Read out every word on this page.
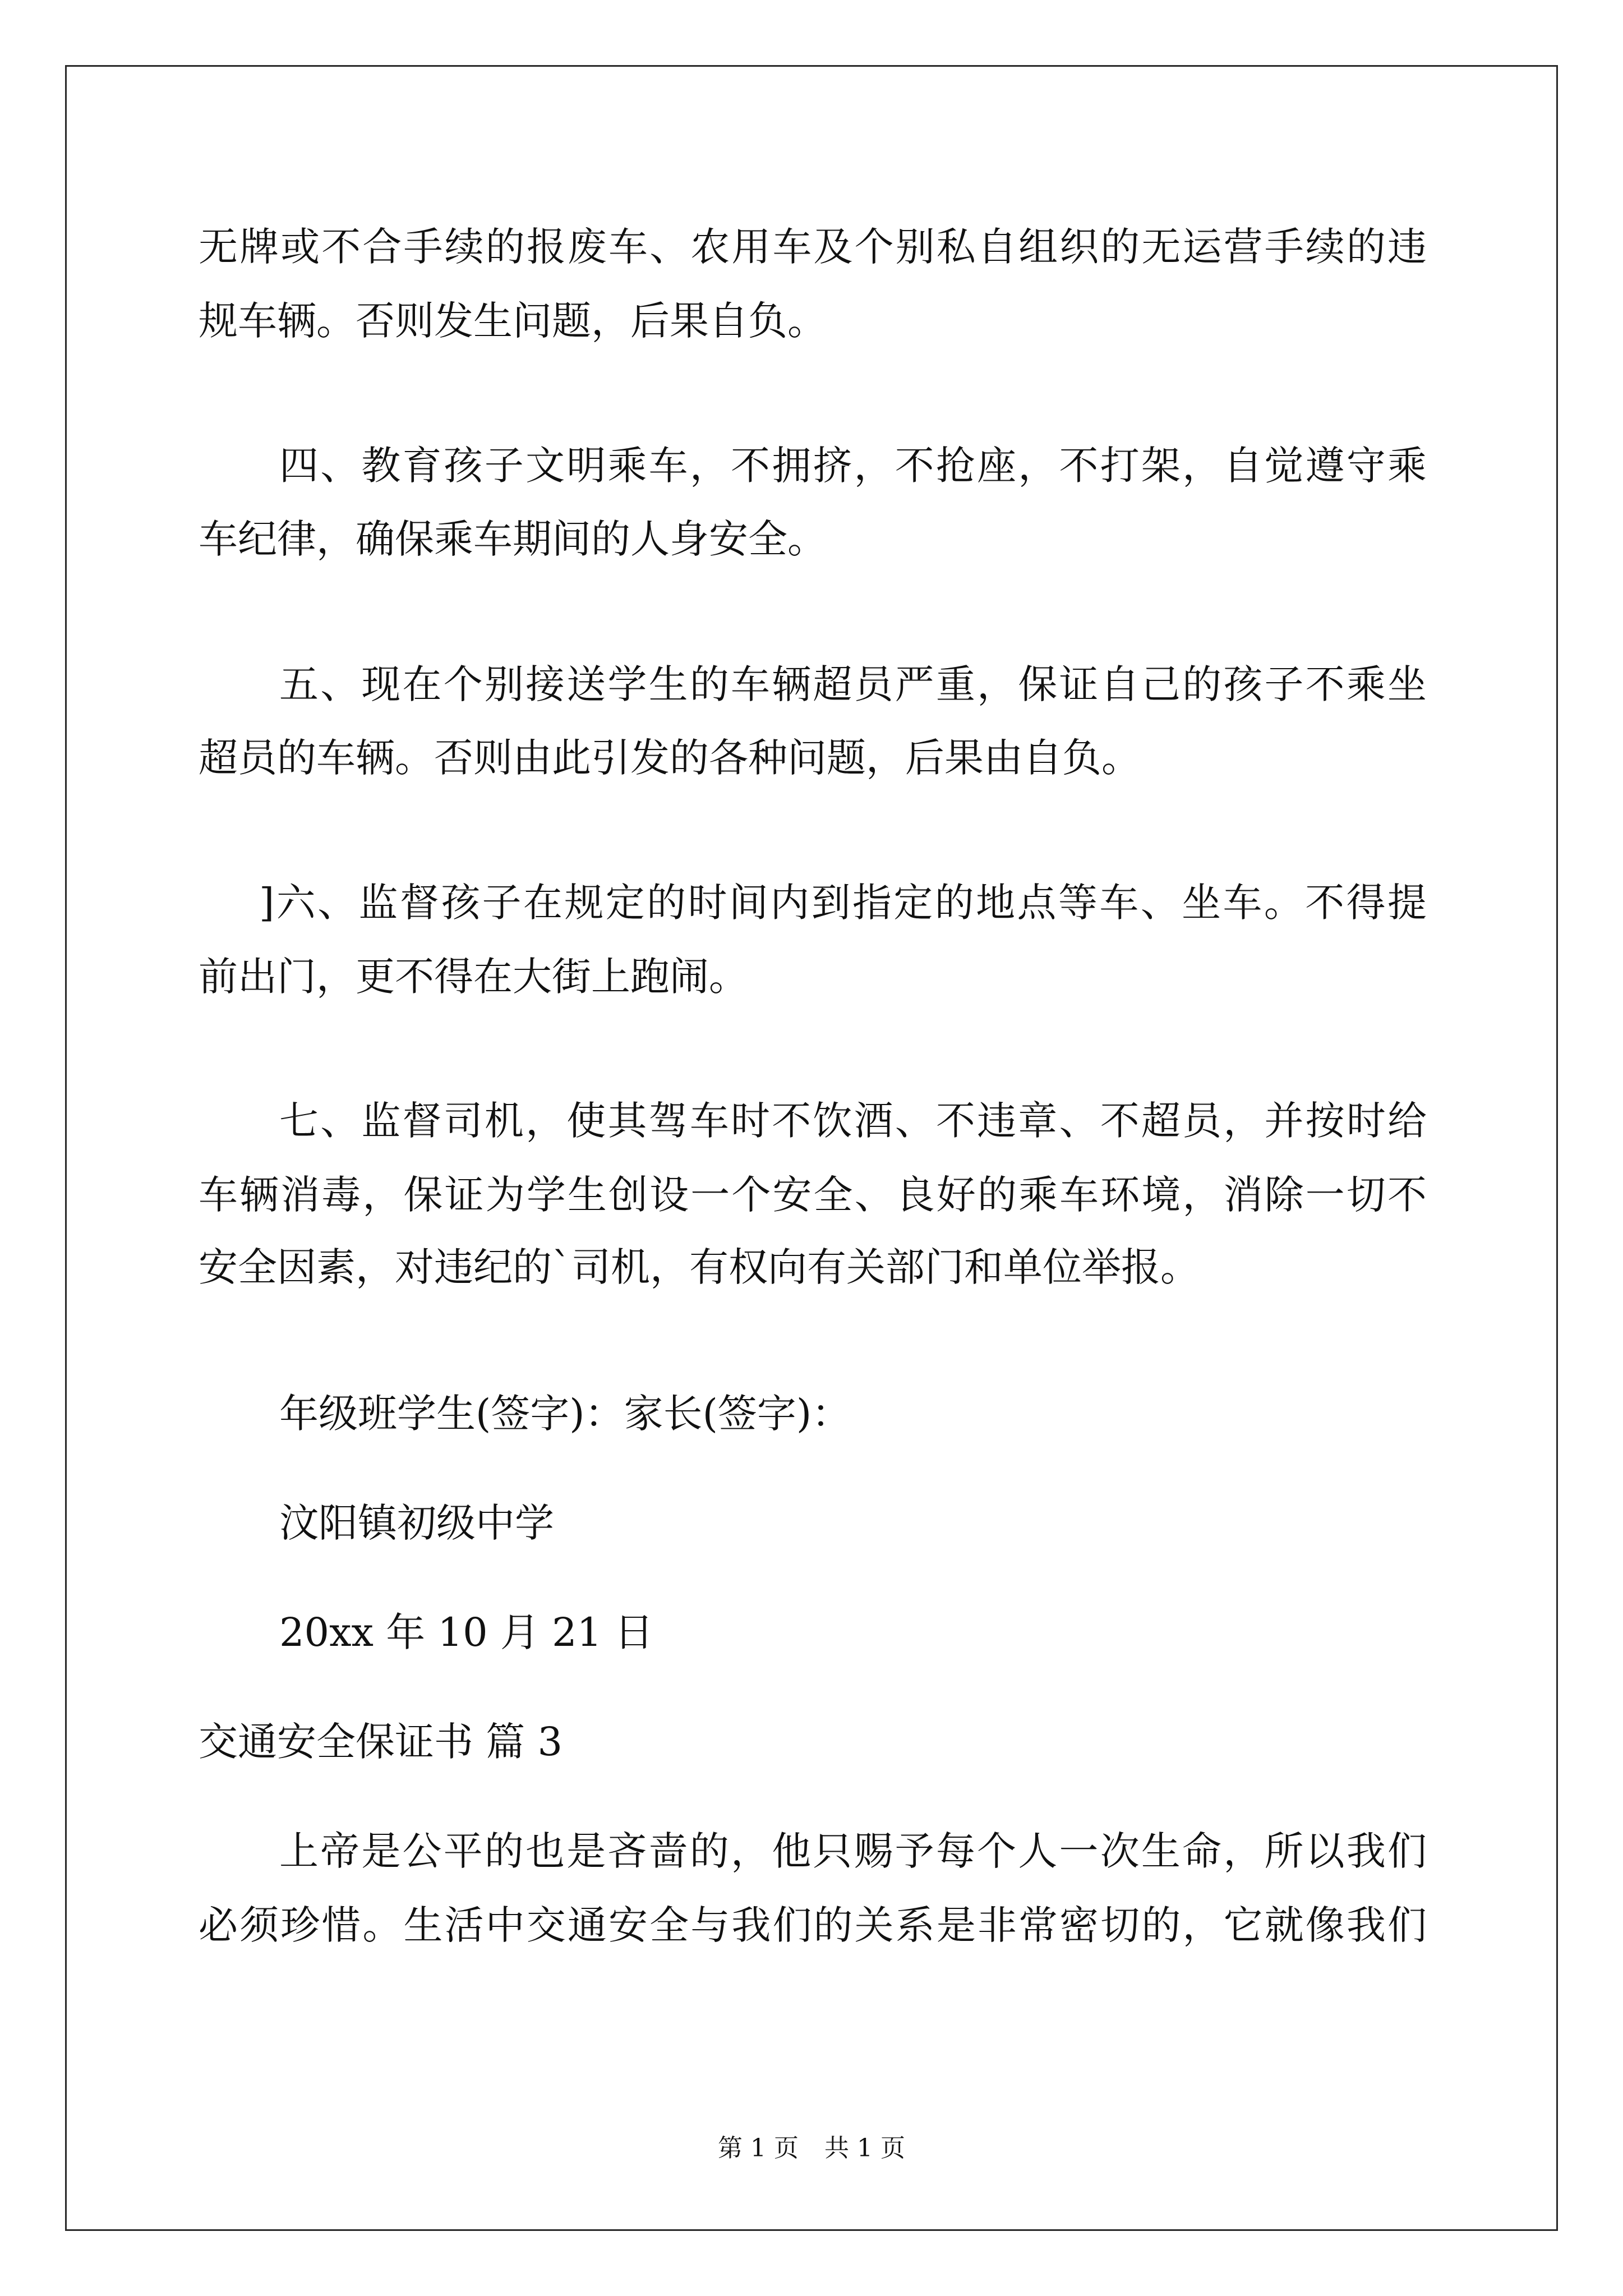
无牌或不合手续的报废车、农用车及个别私自组织的无运营手续的违
规车辆。否则发生问题，后果自负。
四、教育孩子文明乘车，不拥挤，不抢座，不打架，自觉遵守乘
车纪律，确保乘车期间的人身安全。
五、现在个别接送学生的车辆超员严重，保证自己的孩子不乘坐
超员的车辆。否则由此引发的各种问题，后果由自负。
]六、监督孩子在规定的时间内到指定的地点等车、坐车。不得提
前出门，更不得在大街上跑闹。
七、监督司机，使其驾车时不饮酒、不违章、不超员，并按时给
车辆消毒，保证为学生创设一个安全、良好的乘车环境，消除一切不
安全因素，对违纪的`司机，有权向有关部门和单位举报。
年级班学生(签字)：家长(签字)：
汶阳镇初级中学
20xx 年 10 月 21 日
交通安全保证书 篇 3
上帝是公平的也是吝啬的，他只赐予每个人一次生命，所以我们
必须珍惜。生活中交通安全与我们的关系是非常密切的，它就像我们
第 1 页 共 1 页
